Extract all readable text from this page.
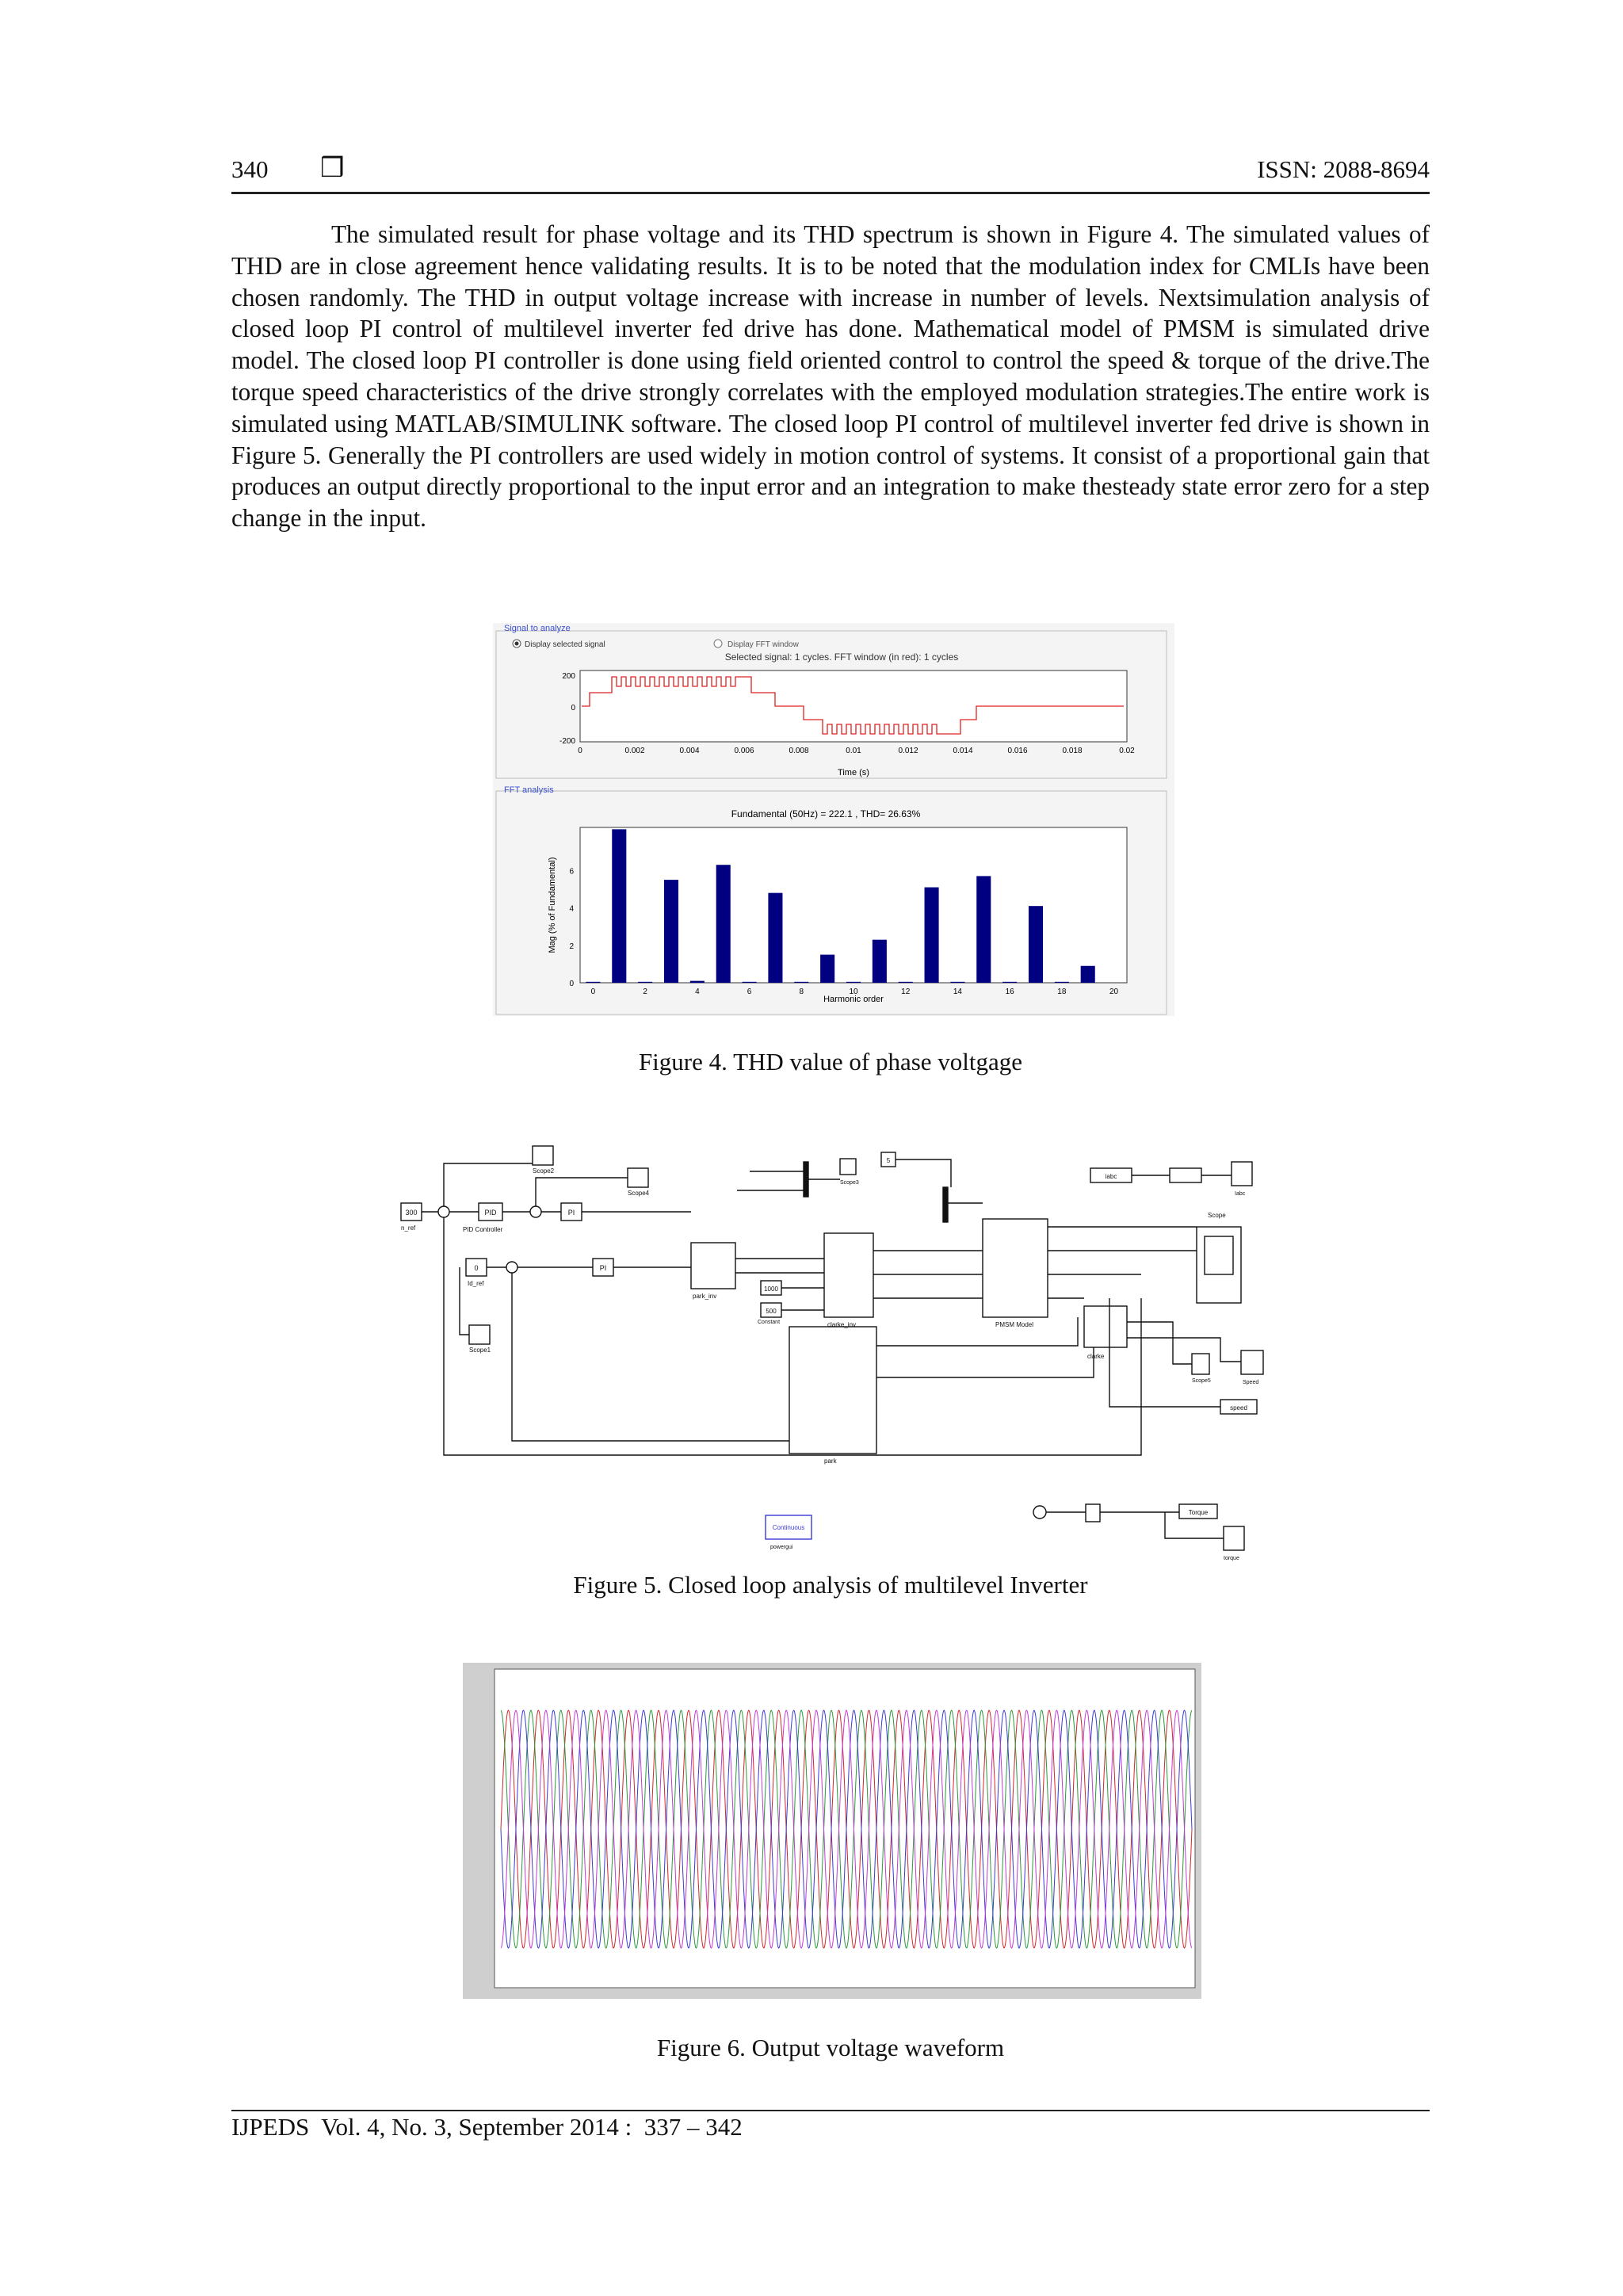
340 ❒	ISSN: 2088-8694
The simulated result for phase voltage and its THD spectrum is shown in Figure 4. The simulated values of THD are in close agreement hence validating results. It is to be noted that the modulation index for CMLIs have been chosen randomly. The THD in output voltage increase with increase in number of levels. Nextsimulation analysis of closed loop PI control of multilevel inverter fed drive has done. Mathematical model of PMSM is simulated drive model. The closed loop PI controller is done using field oriented control to control the speed & torque of the drive.The torque speed characteristics of the drive strongly correlates with the employed modulation strategies.The entire work is simulated using MATLAB/SIMULINK software. The closed loop PI control of multilevel inverter fed drive is shown in Figure 5. Generally the PI controllers are used widely in motion control of systems. It consist of a proportional gain that produces an output directly proportional to the input error and an integration to make thesteady state error zero for a step change in the input.
Signal to analyze
Display selected signal	Display FFT window
Selected signal: 1 cycles. FFT window (in red): 1 cycles
200
0
-200
0	0.002	0.004	0.006	0.008	0.01	0.012	0.014	0.016	0.018	0.02
Time (s)
FFT analysis
Fundamental (50Hz) = 222.1 , THD= 26.63%
0	2	4	6	8	10	12	14	16	18	20
0
2
4
6
Harmonic order
Mag (% of Fundamental)
Figure 4. THD value of phase voltgage
300
n_ref
PID
PID Controller
PI
0
Id_ref
PI
Scope2
Scope4
Scope1
park_inv
1000
500
Constant	clarke_inv	PMSM Model
Scope3
5
iabc
Iabc
Scope
clarke
Scope5	Speed
speed
park
Torque
torque
Continuous
powergui
Figure 5. Closed loop analysis of multilevel Inverter
Figure 6. Output voltage waveform
IJPEDS  Vol. 4, No. 3, September 2014 :  337 – 342
